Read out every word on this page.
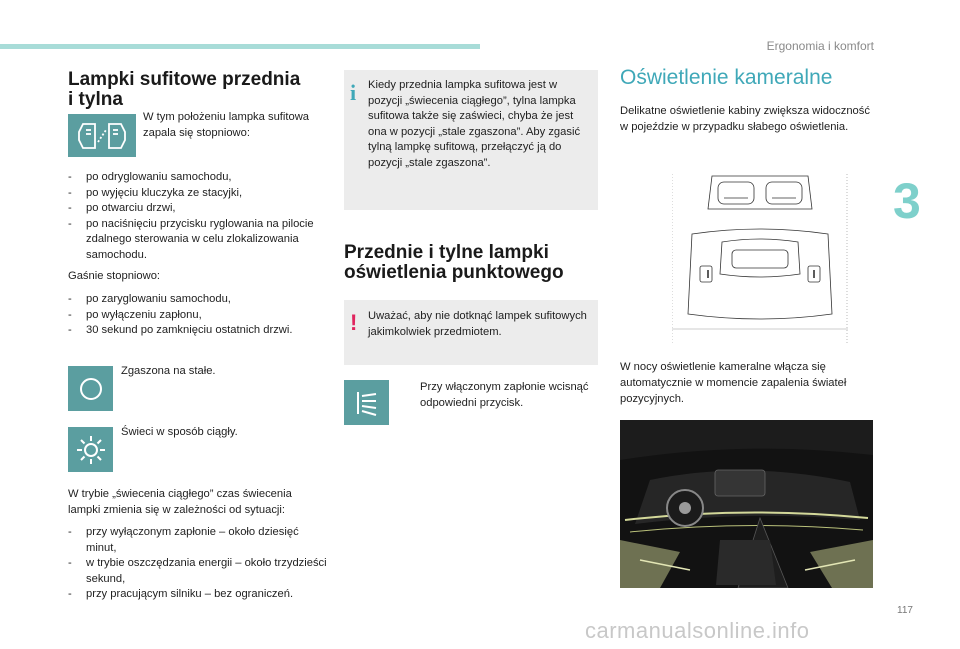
Ergonomia i komfort
3
Lampki sufitowe przednia
i tylna

W tym położeniu lampka sufitowa zapala się stopniowo:

- po odryglowaniu samochodu,
- po wyjęciu kluczyka ze stacyjki,
- po otwarciu drzwi,
- po naciśnięciu przycisku ryglowania na pilocie zdalnego sterowania w celu zlokalizowania samochodu.

Gaśnie stopniowo:

- po zaryglowaniu samochodu,
- po wyłączeniu zapłonu,
- 30 sekund po zamknięciu ostatnich drzwi.

Zgaszona na stałe.

Świeci w sposób ciągły.

W trybie „świecenia ciągłego” czas świecenia lampki zmienia się w zależności od sytuacji:

- przy wyłączonym zapłonie – około dziesięć minut,
- w trybie oszczędzania energii – około trzydzieści sekund,
- przy pracującym silniku – bez ograniczeń.
i Kiedy przednia lampka sufitowa jest w pozycji „świecenia ciągłego”, tylna lampka sufitowa także się zaświeci, chyba że jest ona w pozycji „stale zgaszona”. Aby zgasić tylną lampkę sufitową, przełączyć ją do pozycji „stale zgaszona”.

Przednie i tylne lampki
oświetlenia punktowego
! Uważać, aby nie dotknąć lampek sufitowych jakimkolwiek przedmiotem.

Przy włączonym zapłonie wcisnąć odpowiedni przycisk.

Oświetlenie kameralne

Delikatne oświetlenie kabiny zwiększa widoczność w pojeździe w przypadku słabego oświetlenia.

W nocy oświetlenie kameralne włącza się automatycznie w momencie zapalenia świateł pozycyjnych.

117
carmanualsonline.info
